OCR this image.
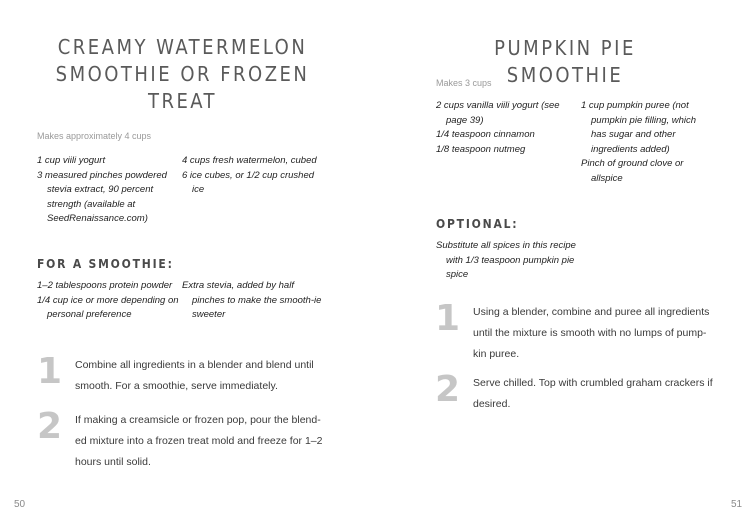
CREAMY WATERMELON
SMOOTHIE OR FROZEN
TREAT
Makes approximately 4 cups

1 cup viili yogurt

3 measured pinches powdered stevia extract, 90 percent strength (available at SeedRenaissance.com)

4 cups fresh watermelon, cubed

6 ice cubes, or 1/2 cup crushed ice

FOR A SMOOTHIE:

1–2 tablespoons protein powder

1/4 cup ice or more depending on personal preference

Extra stevia, added by half pinches to make the smooth-ie sweeter

1	Combine all ingredients in a blender and blend until smooth. For a smoothie, serve immediately.
2	If making a creamsicle or frozen pop, pour the blend-ed mixture into a frozen treat mold and freeze for 1–2 hours until solid.
50
PUMPKIN PIE SMOOTHIE
Makes 3 cups

2 cups vanilla viili yogurt (see page 39)

1/4 teaspoon cinnamon

1/8 teaspoon nutmeg

1 cup pumpkin puree (not pumpkin pie filling, which has sugar and other ingredients added)

Pinch of ground clove or allspice

OPTIONAL:

Substitute all spices in this recipe with 1/3 teaspoon pumpkin pie spice

1	Using a blender, combine and puree all ingredients until the mixture is smooth with no lumps of pump-kin puree.
2	Serve chilled. Top with crumbled graham crackers if desired.
51
